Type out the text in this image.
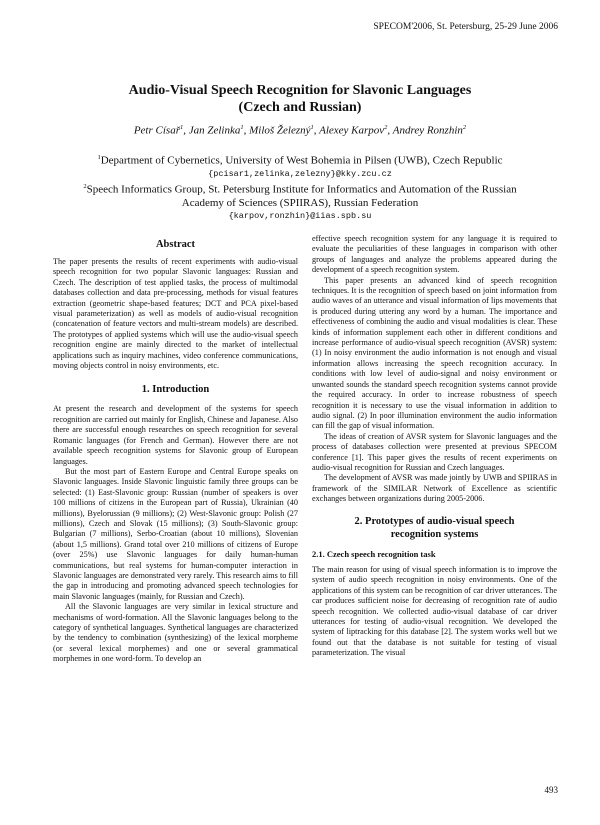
SPECOM'2006, St. Petersburg, 25-29 June 2006
Audio-Visual Speech Recognition for Slavonic Languages
(Czech and Russian)
Petr Císař$^1$, Jan Zelinka$^1$, Miloš Železný$^1$, Alexey Karpov$^2$, Andrey Ronzhin$^2$
$^1$Department of Cybernetics, University of West Bohemia in Pilsen (UWB), Czech Republic
{pcisar1,zelinka,zelezny}@kky.zcu.cz
$^2$Speech Informatics Group, St. Petersburg Institute for Informatics and Automation of the Russian
Academy of Sciences (SPIIRAS), Russian Federation
{karpov,ronzhin}@iias.spb.su
Abstract

The paper presents the results of recent experiments with audio-visual speech recognition for two popular Slavonic languages: Russian and Czech. The description of test applied tasks, the process of multimodal databases collection and data pre-processing, methods for visual features extraction (geometric shape-based features; DCT and PCA pixel-based visual parameterization) as well as models of audio-visual recognition (concatenation of feature vectors and multi-stream models) are described. The prototypes of applied systems which will use the audio-visual speech recognition engine are mainly directed to the market of intellectual applications such as inquiry machines, video conference communications, moving objects control in noisy environments, etc.

1. Introduction

At present the research and development of the systems for speech recognition are carried out mainly for English, Chinese and Japanese. Also there are successful enough researches on speech recognition for several Romanic languages (for French and German). However there are not available speech recognition systems for Slavonic group of European languages.

But the most part of Eastern Europe and Central Europe speaks on Slavonic languages. Inside Slavonic linguistic family three groups can be selected: (1) East-Slavonic group: Russian (number of speakers is over 100 millions of citizens in the European part of Russia), Ukrainian (40 millions), Byelorussian (9 millions); (2) West-Slavonic group: Polish (27 millions), Czech and Slovak (15 millions); (3) South-Slavonic group: Bulgarian (7 millions), Serbo-Croatian (about 10 millions), Slovenian (about 1,5 millions). Grand total over 210 millions of citizens of Europe (over 25%) use Slavonic languages for daily human-human communications, but real systems for human-computer interaction in Slavonic languages are demonstrated very rarely. This research aims to fill the gap in introducing and promoting advanced speech technologies for main Slavonic languages (mainly, for Russian and Czech).

All the Slavonic languages are very similar in lexical structure and mechanisms of word-formation. All the Slavonic languages belong to the category of synthetical languages. Synthetical languages are characterized by the tendency to combination (synthesizing) of the lexical morpheme (or several lexical morphemes) and one or several grammatical morphemes in one word-form. To develop an

effective speech recognition system for any language it is required to evaluate the peculiarities of these languages in comparison with other groups of languages and analyze the problems appeared during the development of a speech recognition system.

This paper presents an advanced kind of speech recognition techniques. It is the recognition of speech based on joint information from audio waves of an utterance and visual information of lips movements that is produced during uttering any word by a human. The importance and effectiveness of combining the audio and visual modalities is clear. These kinds of information supplement each other in different conditions and increase performance of audio-visual speech recognition (AVSR) system: (1) In noisy environment the audio information is not enough and visual information allows increasing the speech recognition accuracy. In conditions with low level of audio-signal and noisy environment or unwanted sounds the standard speech recognition systems cannot provide the required accuracy. In order to increase robustness of speech recognition it is necessary to use the visual information in addition to audio signal. (2) In poor illumination environment the audio information can fill the gap of visual information.

The ideas of creation of AVSR system for Slavonic languages and the process of databases collection were presented at previous SPECOM conference [1]. This paper gives the results of recent experiments on audio-visual recognition for Russian and Czech languages.

The development of AVSR was made jointly by UWB and SPIIRAS in framework of the SIMILAR Network of Excellence as scientific exchanges between organizations during 2005-2006.

2. Prototypes of audio-visual speech
recognition systems
2.1. Czech speech recognition task

The main reason for using of visual speech information is to improve the system of audio speech recognition in noisy environments. One of the applications of this system can be recognition of car driver utterances. The car produces sufficient noise for decreasing of recognition rate of audio speech recognition. We collected audio-visual database of car driver utterances for testing of audio-visual recognition. We developed the system of liptracking for this database [2]. The system works well but we found out that the database is not suitable for testing of visual parameterization. The visual

493
